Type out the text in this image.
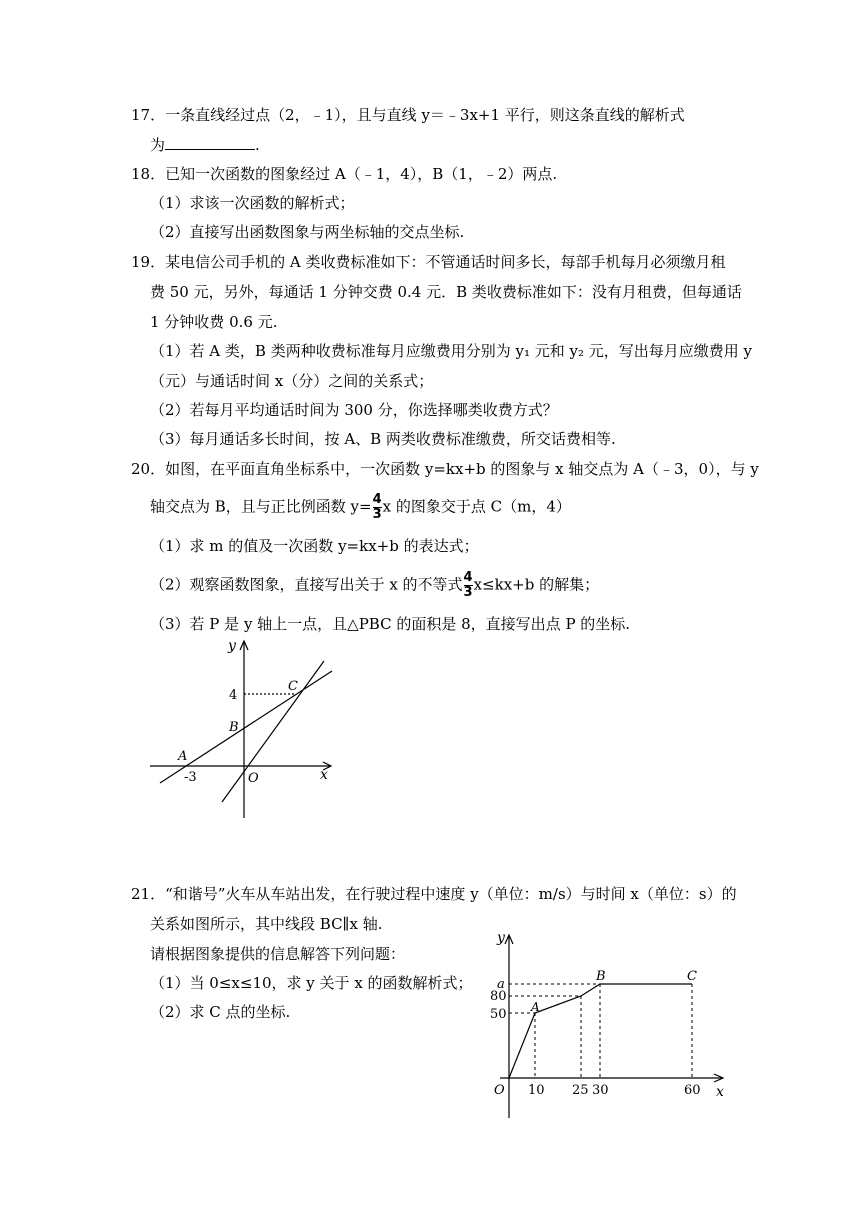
17．一条直线经过点（2，﹣1），且与直线 y＝﹣3x+1 平行，则这条直线的解析式
为	.
18．已知一次函数的图象经过 A（﹣1，4），B（1，﹣2）两点.
（1）求该一次函数的解析式；
（2）直接写出函数图象与两坐标轴的交点坐标.
19．某电信公司手机的 A 类收费标准如下：不管通话时间多长，每部手机每月必须缴月租
费 50 元，另外，每通话 1 分钟交费 0.4 元．B 类收费标准如下：没有月租费，但每通话
1 分钟收费 0.6 元.
（1）若 A 类，B 类两种收费标准每月应缴费用分别为 y₁ 元和 y₂ 元，写出每月应缴费用 y
（元）与通话时间 x（分）之间的关系式；
（2）若每月平均通话时间为 300 分，你选择哪类收费方式？
（3）每月通话多长时间，按 A、B 两类收费标准缴费，所交话费相等.
20．如图，在平面直角坐标系中，一次函数 y=kx+b 的图象与 x 轴交点为 A（﹣3，0），与 y
轴交点为 B，且与正比例函数 $y= \frac{4}{3}$ x 的图象交于点 C（m，4）
（1）求 m 的值及一次函数 y=kx+b 的表达式；
（2）观察函数图象，直接写出关于 x 的不等式 $\frac{4}{3} x\le kx+b$ 的解集；
（3）若 P 是 y 轴上一点，且△PBC 的面积是 8，直接写出点 P 的坐标.
y
x
4
C
B
A
-3	O
21．“和谐号”火车从车站出发，在行驶过程中速度 y（单位：m/s）与时间 x（单位：s）的
关系如图所示，其中线段 BC∥x 轴.
请根据图象提供的信息解答下列问题：
（1）当 0≤x≤10，求 y 关于 x 的函数解析式；
（2）求 C 点的坐标.
y
x
a
80
50
O 10 25 30	60
A
B	C
